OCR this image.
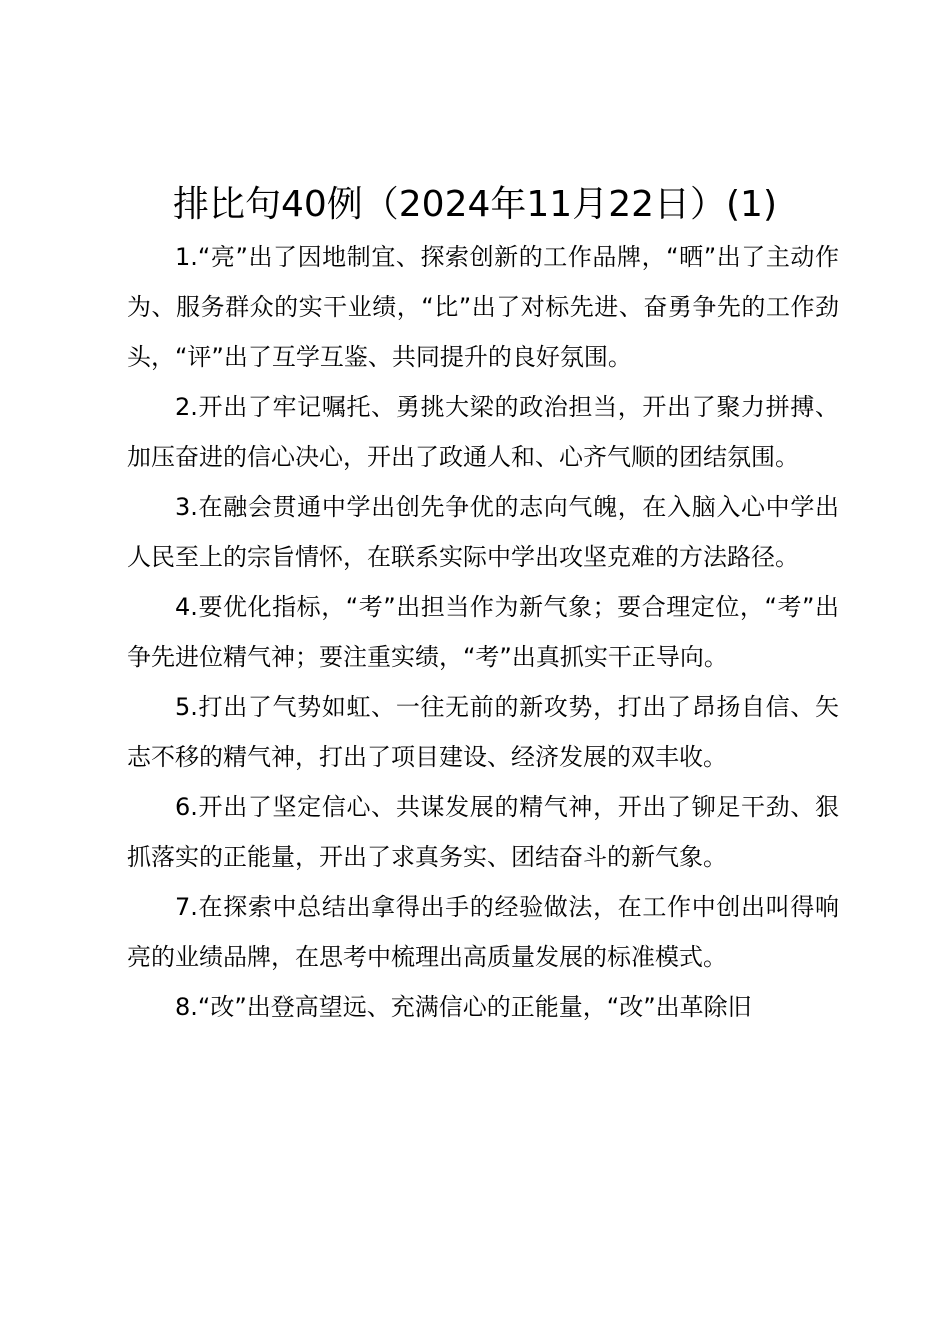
排比句40例（2024年11月22日）(1)

1.“亮”出了因地制宜、探索创新的工作品牌，“晒”出了主动作为、服务群众的实干业绩，“比”出了对标先进、奋勇争先的工作劲头，“评”出了互学互鉴、共同提升的良好氛围。

2.开出了牢记嘱托、勇挑大梁的政治担当，开出了聚力拼搏、加压奋进的信心决心，开出了政通人和、心齐气顺的团结氛围。

3.在融会贯通中学出创先争优的志向气魄，在入脑入心中学出人民至上的宗旨情怀，在联系实际中学出攻坚克难的方法路径。

4.要优化指标，“考”出担当作为新气象；要合理定位，“考”出争先进位精气神；要注重实绩，“考”出真抓实干正导向。

5.打出了气势如虹、一往无前的新攻势，打出了昂扬自信、矢志不移的精气神，打出了项目建设、经济发展的双丰收。

6.开出了坚定信心、共谋发展的精气神，开出了铆足干劲、狠抓落实的正能量，开出了求真务实、团结奋斗的新气象。

7.在探索中总结出拿得出手的经验做法，在工作中创出叫得响亮的业绩品牌，在思考中梳理出高质量发展的标准模式。

8.“改”出登高望远、充满信心的正能量，“改”出革除旧
